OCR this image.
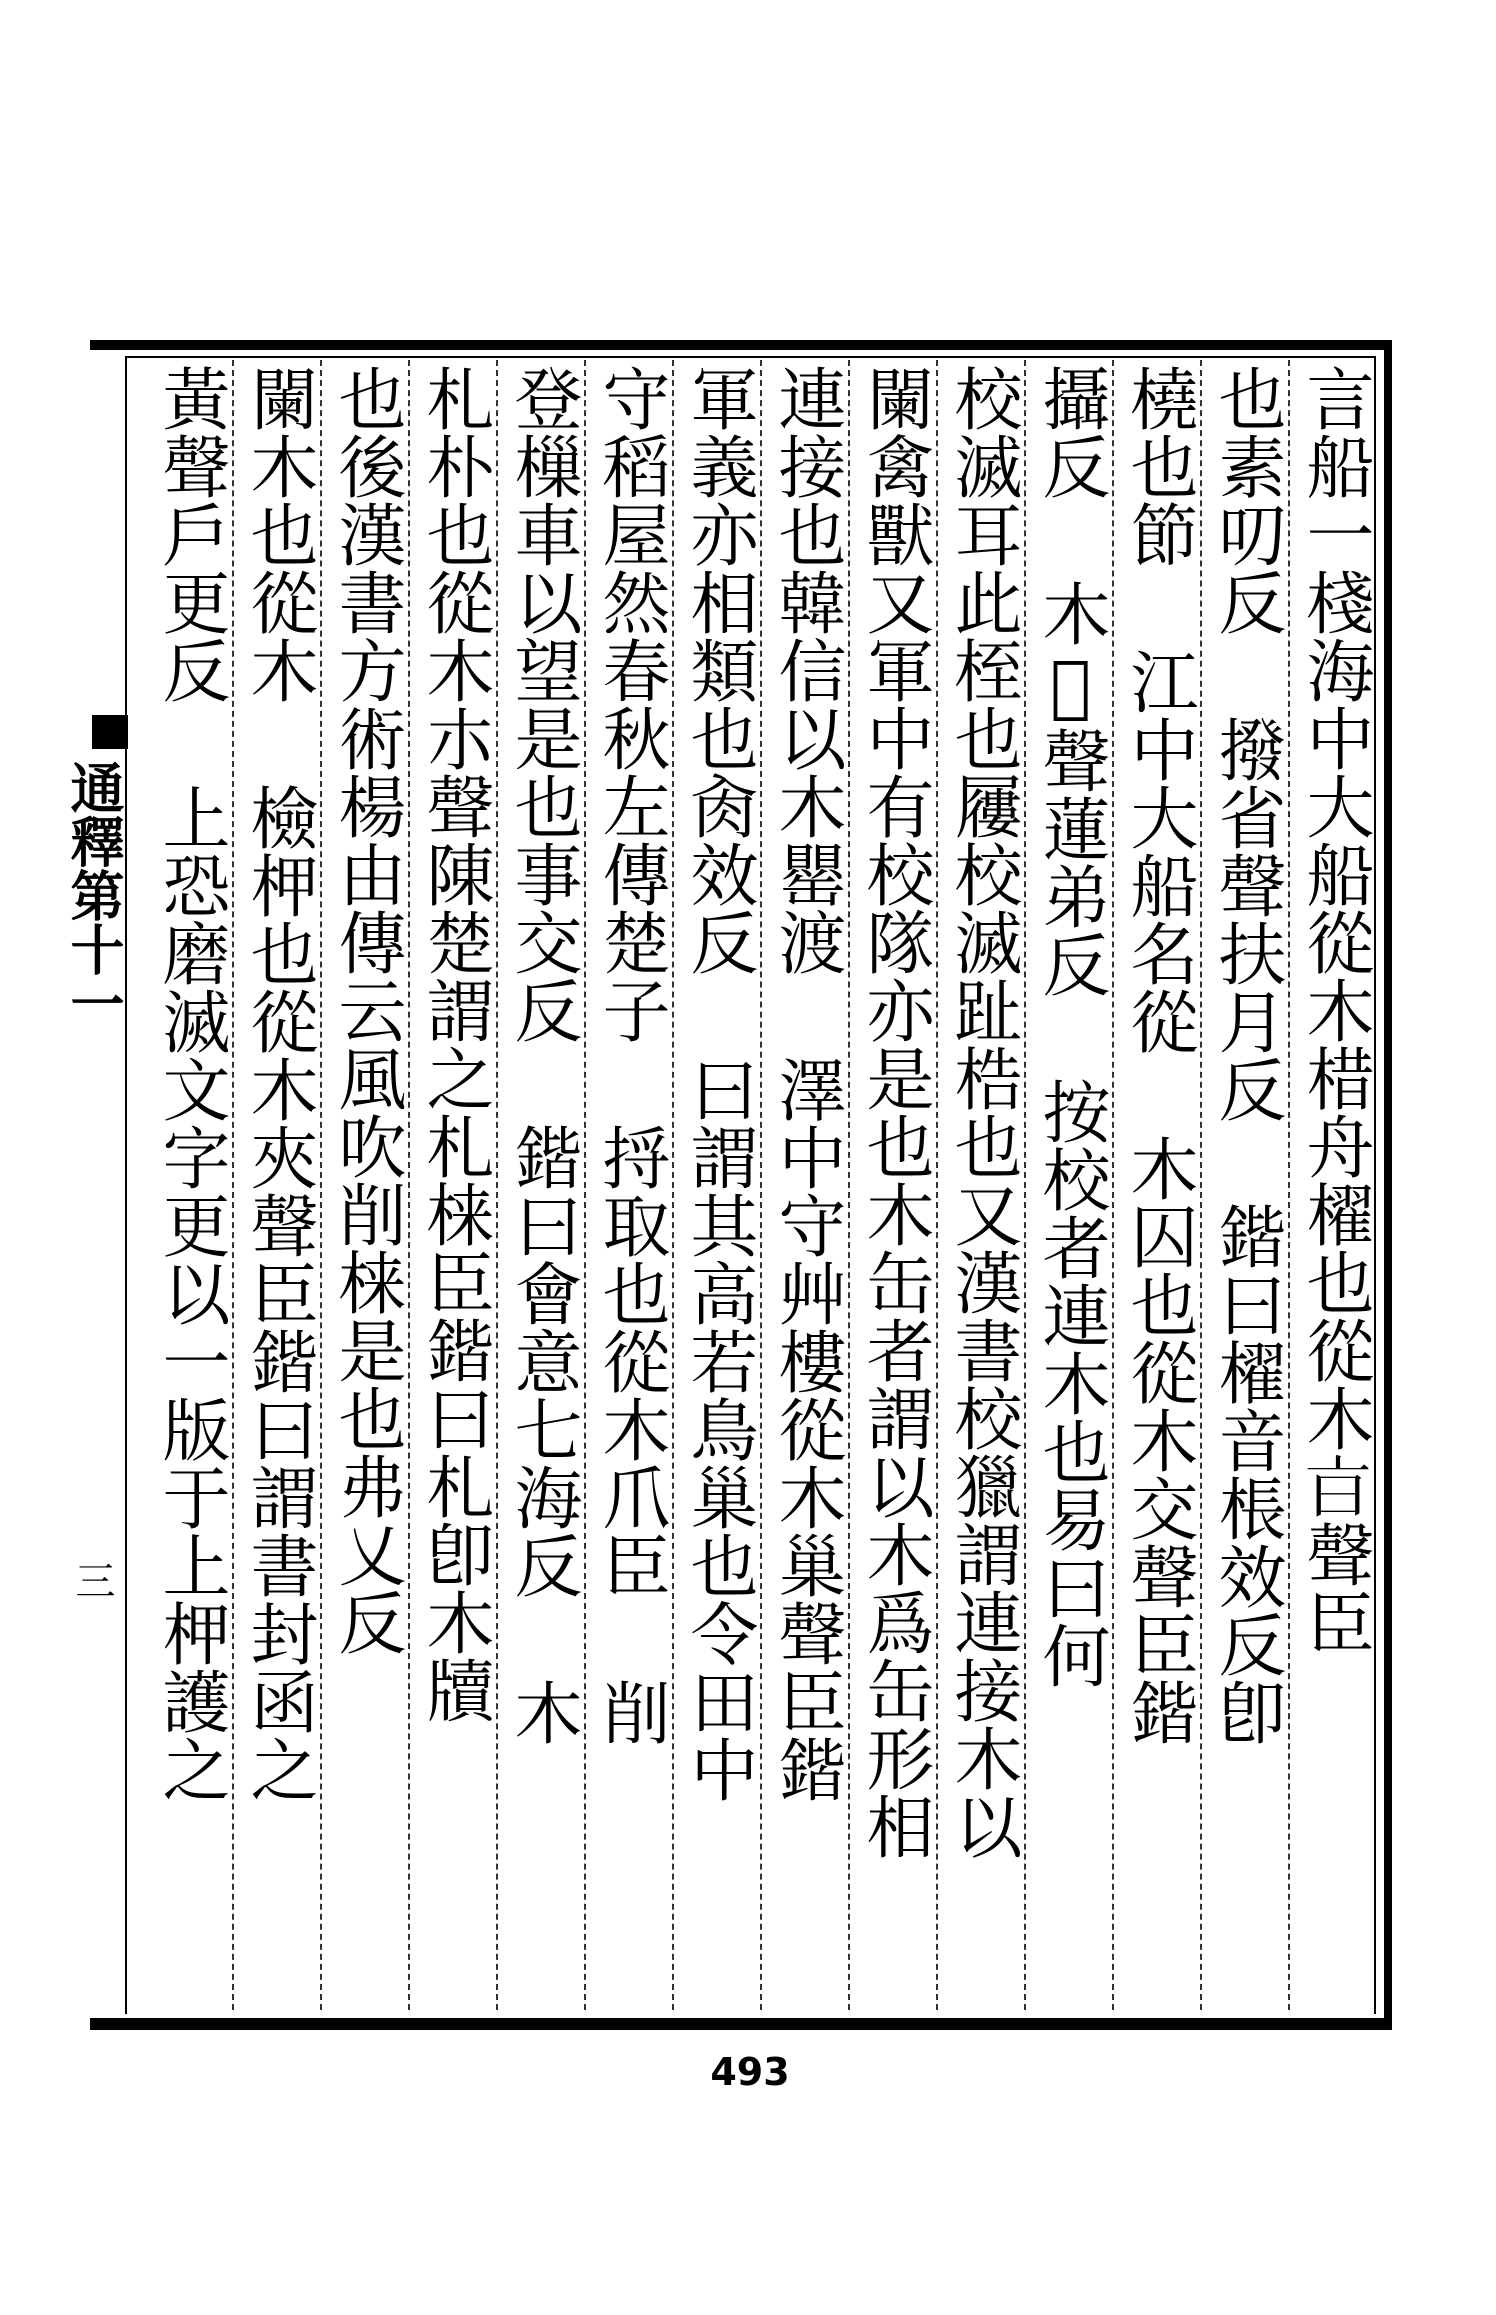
通釋第十一
三	言船一棧海中大船從木棤舟櫂也從木𣅀聲臣
也素叨反 撥省聲扶月反 鍇曰櫂音棖效反卽
橈也節 江中大船名從 木囚也從木交聲臣鍇
攝反 木𧓍聲蓮弟反 按校者連木也易曰何
校滅耳此桎也屨校滅趾梏也又漢書校獵謂連接木以
闌禽獸又軍中有校隊亦是也木缶者謂以木爲缶形相
連接也韓信以木罌渡 澤中守艸樓從木巢聲臣鍇
軍義亦相類也肏效反 曰謂其高若鳥巢也令田中
守稻屋然春秋左傳楚子 捋取也從木爪臣 削
登樔車以望是也事交反 鍇曰會意七海反 木
札朴也從木朩聲陳楚謂之札梾臣鍇曰札卽木牘
也後漢書方術楊由傳云風吹削梾是也弗乂反
闌木也從木 檢柙也從木夾聲臣鍇曰謂書封函之
黃聲戶更反 上恐磨滅文字更以一版于上柙護之
493
